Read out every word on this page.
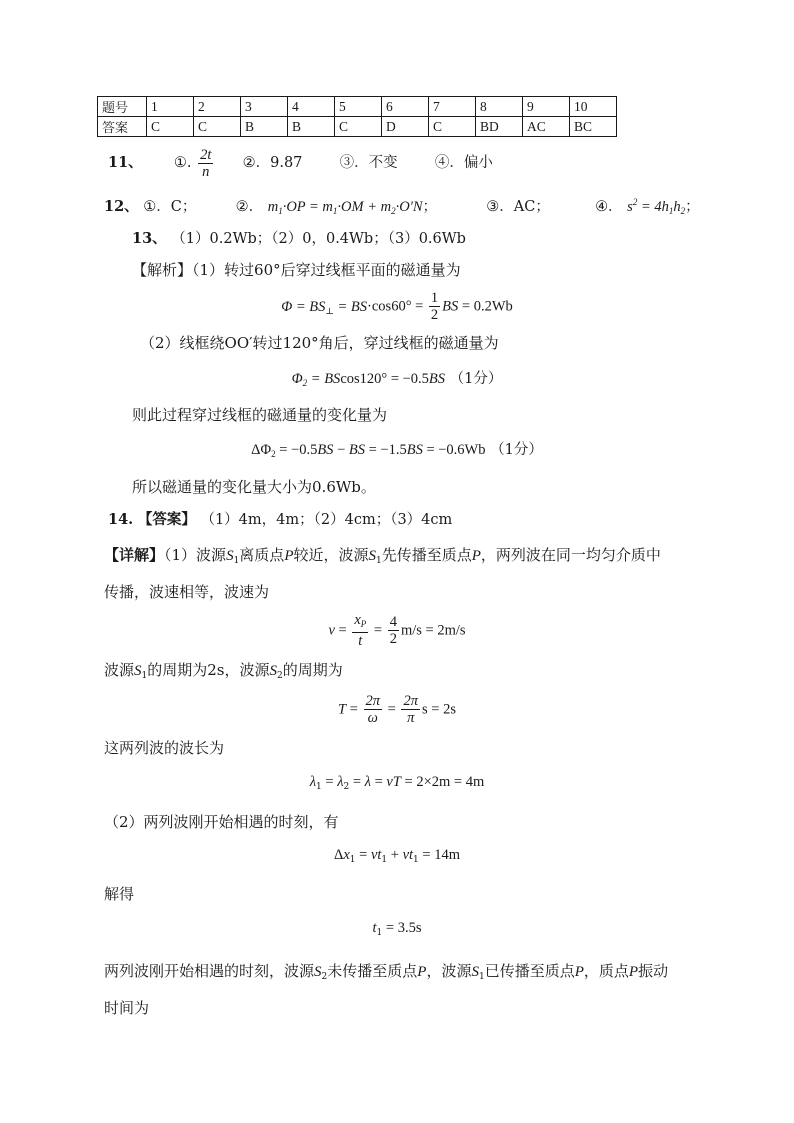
题号	1	2	3	4	5	6	7	8	9	10
答案	C	C	B	B	C	D	C	BD	AC	BC
11、 ①. $\frac{2t}{n}$ ②．9.87	③．不变	④．偏小
12、 ①．C；	②． $m_1\cdot OP = m_1\cdot OM + m_2\cdot O'N$；	③．AC；	④． $s^2 = 4h_1h_2$；
13、 （1）0.2Wb；（2）0，0.4Wb；（3）0.6Wb
【解析】（1）转过60°后穿过线框平面的磁通量为
$\Phi = BS_\perp = BS\cdot\cos 60^\circ = \frac{1}{2}$ BS = 0.2Wb
（2）线框绕OO′转过120°角后，穿过线框的磁通量为
$\Phi_2 = BScos120^\circ = -0.5BS$ （1分）
则此过程穿过线框的磁通量的变化量为
$\Delta\Phi_2 = -0.5BS$ − BS = −1.5BS = −0.6Wb （1分）
所以磁通量的变化量大小为0.6Wb。
14. 【答案】 （1）4m，4m；（2）4cm；（3）4cm
【详解】（1）波源$S_1$离质点P较近，波源$S_1$先传播至质点P，两列波在同一均匀介质中
传播，波速相等，波速为
$v = \frac{x_P}{t} = \frac{4}{2} m/s = 2m/s$
波源$S_1$的周期为2s，波源$S_2$的周期为
$T = \frac{2\pi}{\omega} = \frac{2\pi}{\pi}$ s = 2s
这两列波的波长为
$\lambda_1 = \lambda_2 = \lambda$ = vT = 2×2m = 4m
（2）两列波刚开始相遇的时刻，有
$\Delta x_1 = vt_1 + vt_1 = 14m$
解得
$t_1 = 3.5s$
两列波刚开始相遇的时刻，波源$S_2$未传播至质点P，波源$S_1$已传播至质点P，质点P振动
时间为
